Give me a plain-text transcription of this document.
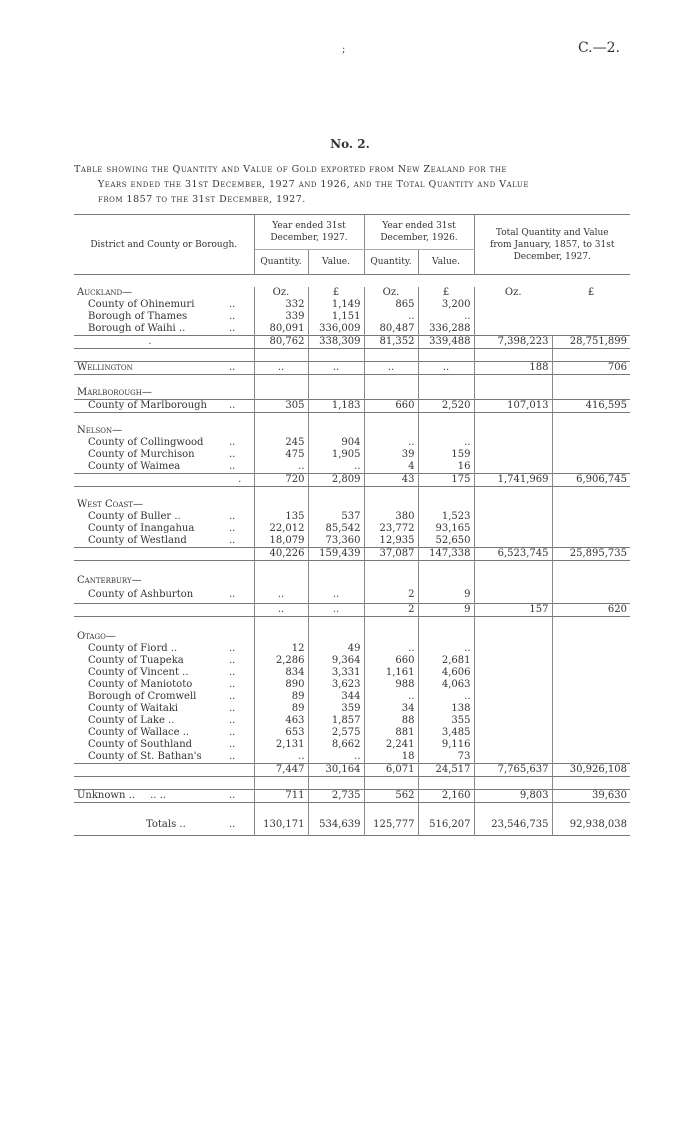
;	C.—2.
No. 2.
Table showing the Quantity and Value of Gold exported from New Zealand for the
Years ended the 31st December, 1927 and 1926, and the Total Quantity and Value
from 1857 to the 31st December, 1927.
District and County or Borough.		Year ended 31st December, 1927.		Year ended 31st December, 1926.		Total Quantity and Value from January, 1857, to 31st December, 1927.	
		Quantity.	Value.	Quantity.	Value.		

Auckland—		Oz.	£	Oz.	£	Oz.	£
County of Ohinemuri	..	332	1,149	865	3,200		
Borough of Thames	..	339	1,151	..	..		
Borough of Waihi ..	..	80,091	336,009	80,487	336,288		
.		80,762	338,309	81,352	339,488	7,398,223	28,751,899

Wellington	..	..	..	..	..	188	706

Marlborough—							
County of Marlborough	..	305	1,183	660	2,520	107,013	416,595

Nelson—							
County of Collingwood	..	245	904	..	..		
County of Murchison	..	475	1,905	39	159		
County of Waimea	..	..	..	4	16		
	.	720	2,809	43	175	1,741,969	6,906,745

West Coast—							
County of Buller ..	..	135	537	380	1,523		
County of Inangahua	..	22,012	85,542	23,772	93,165		
County of Westland	..	18,079	73,360	12,935	52,650		
		40,226	159,439	37,087	147,338	6,523,745	25,895,735

Canterbury—							
County of Ashburton	..	..	..	2	9		
		..	..	2	9	157	620

Otago—							
County of Fiord ..	..	12	49	..	..		
County of Tuapeka	..	2,286	9,364	660	2,681		
County of Vincent ..	..	834	3,331	1,161	4,606		
County of Maniototo	..	890	3,623	988	4,063		
Borough of Cromwell	..	89	344	..	..		
County of Waitaki	..	89	359	34	138		
County of Lake ..	..	463	1,857	88	355		
County of Wallace ..	..	653	2,575	881	3,485		
County of Southland	..	2,131	8,662	2,241	9,116		
County of St. Bathan's	..	..	..	18	73		
		7,447	30,164	6,071	24,517	7,765,637	30,926,108

Unknown .. .. ..	..	711	2,735	562	2,160	9,803	39,630

Totals ..	..	130,171	534,639	125,777	516,207	23,546,735	92,938,038
